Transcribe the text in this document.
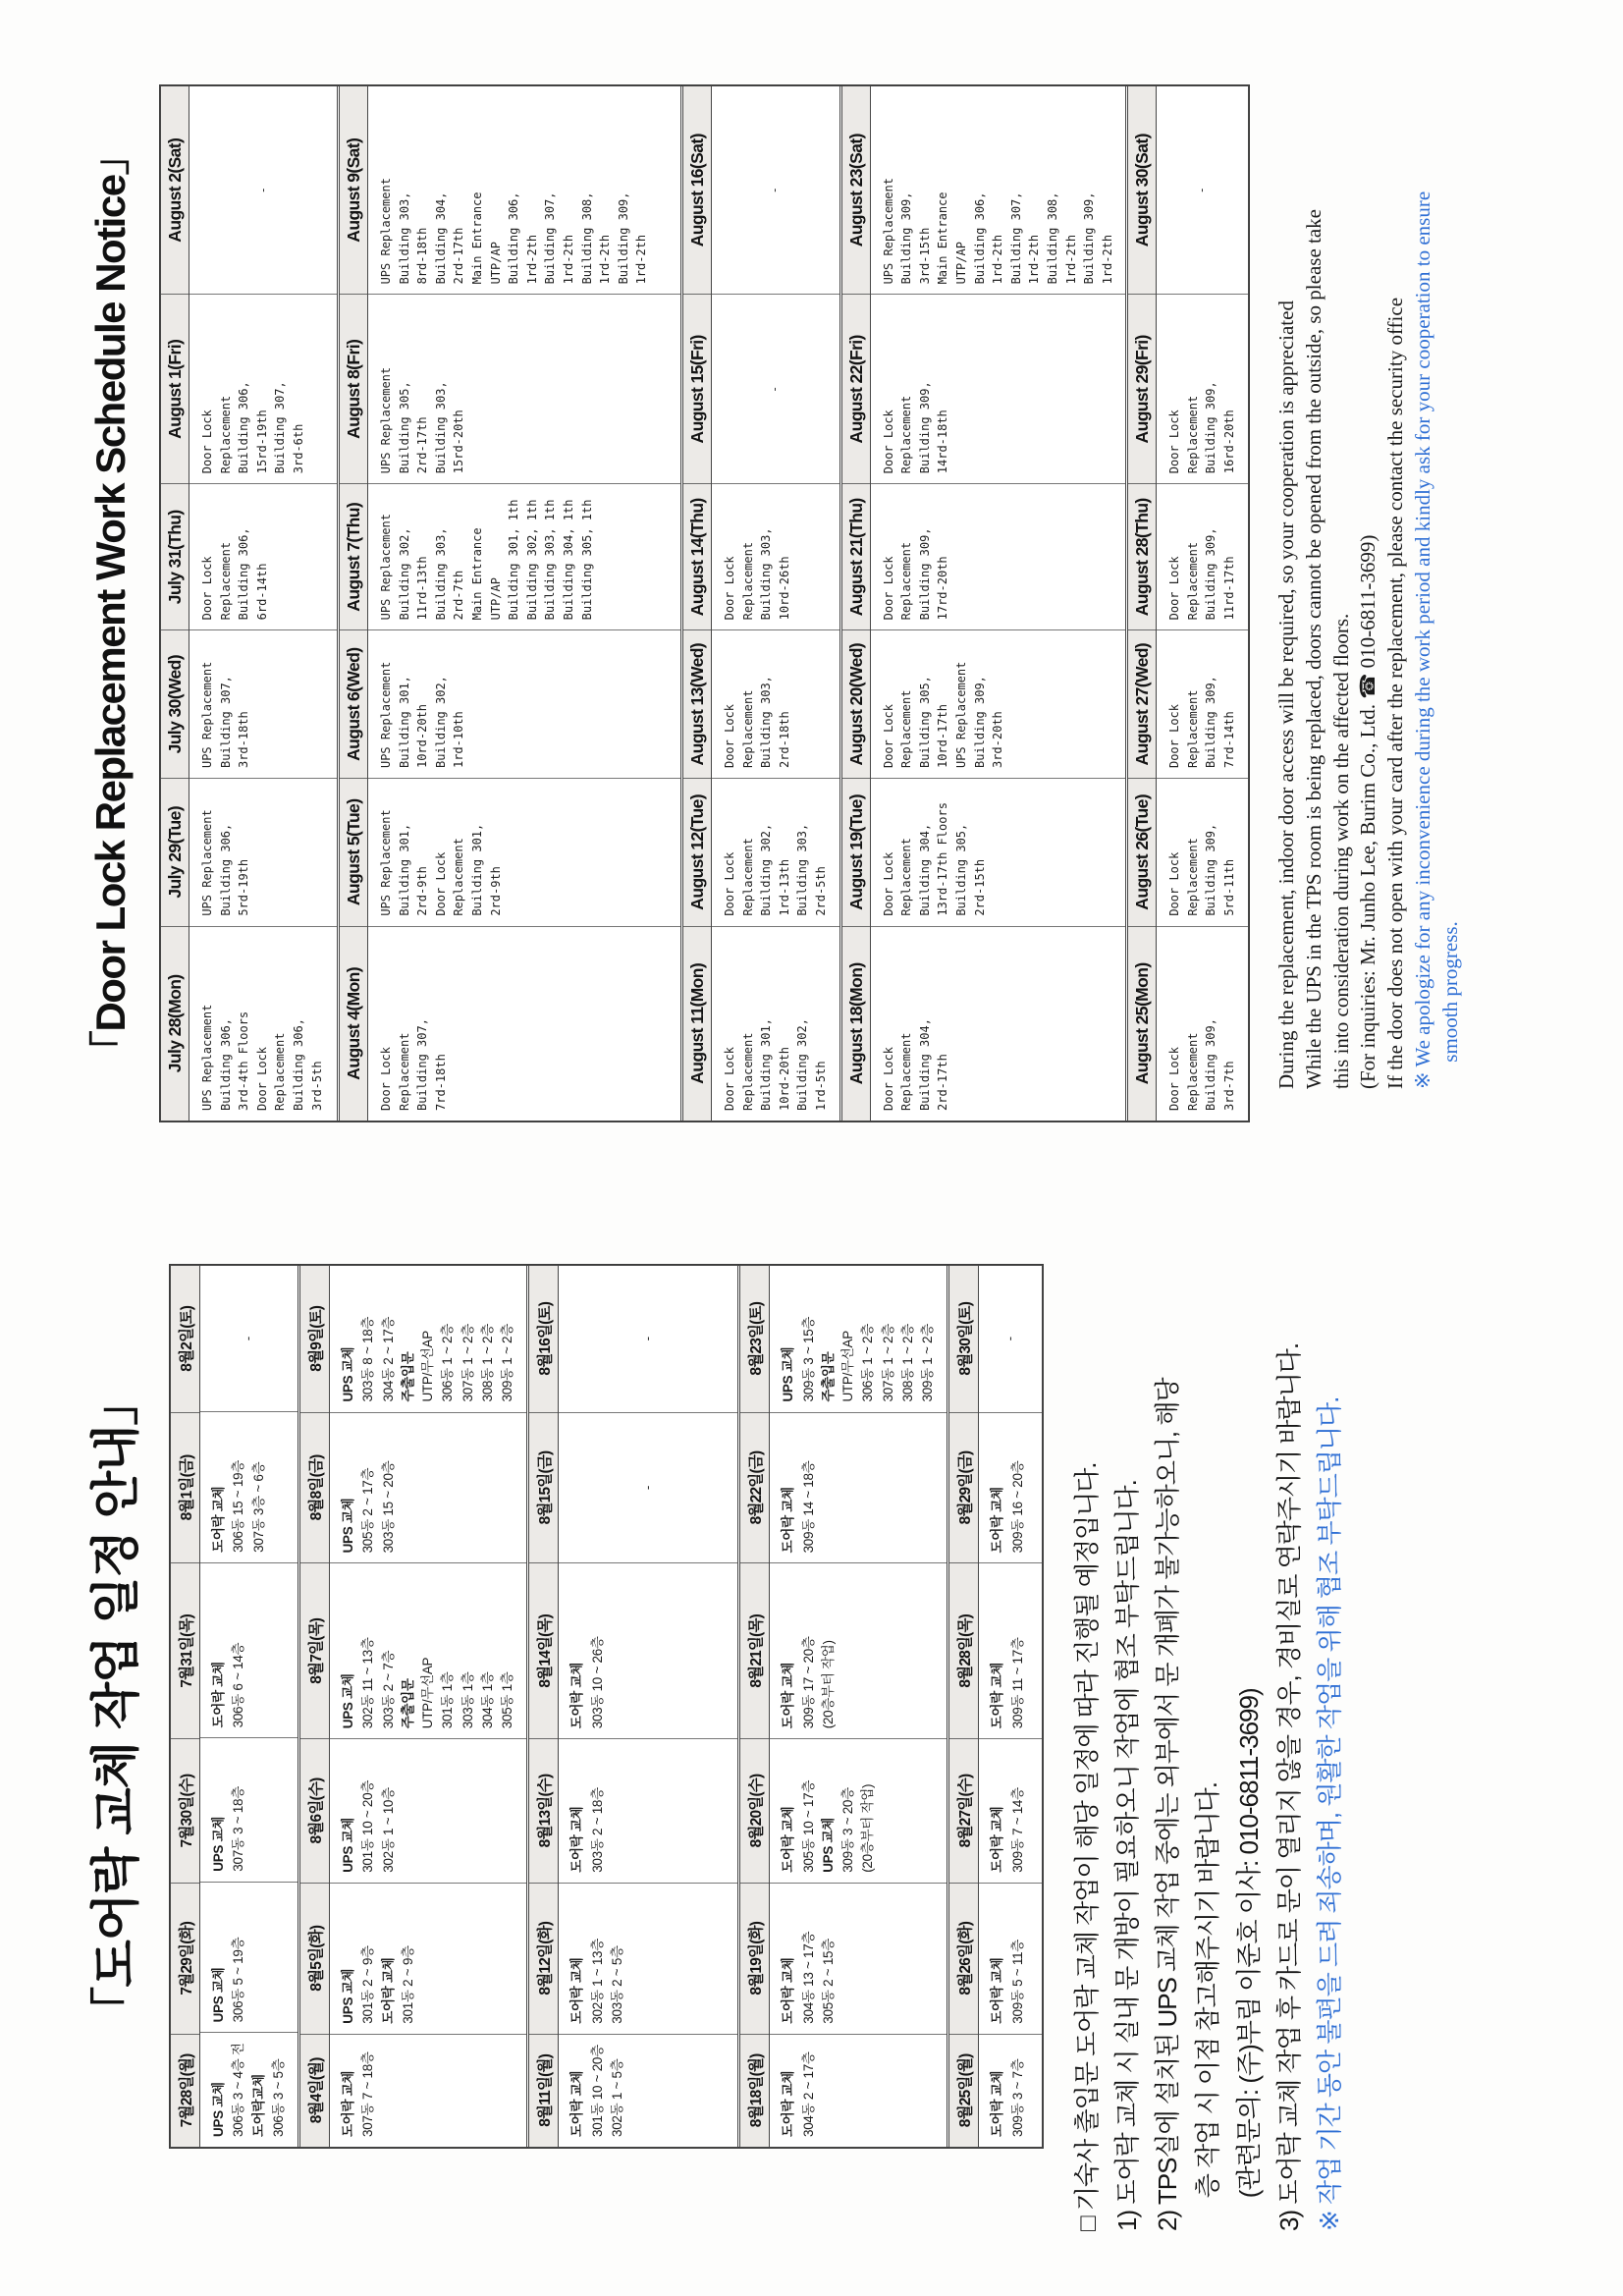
「도어락 교체 작업 일정 안내」
7월28일(월)
7월29일(화)
7월30일(수)
7월31일(목)
8월1일(금)
8월2일(토)
UPS 교체 306동 3 ~ 4층 전 도어락교체 306동 3 ~ 5층
UPS 교체 306동 5 ~ 19층
UPS 교체 307동 3 ~ 18층
도어락 교체 306동 6 ~ 14층
도어락 교체 306동 15 ~ 19층 307동 3층 ~ 6층
-
8월4일(월)
8월5일(화)
8월6일(수)
8월7일(목)
8월8일(금)
8월9일(토)
도어락 교체 307동 7 ~ 18층
UPS 교체 301동 2 ~ 9층 도어락 교체 301동 2 ~ 9층
UPS 교체 301동 10 ~ 20층 302동 1 ~ 10층
UPS 교체 302동 11 ~ 13층 303동 2 ~ 7층 주출입문 UTP/무선AP 301동 1층 303동 1층 304동 1층 305동 1층
UPS 교체 305동 2 ~ 17층 303동 15 ~ 20층
UPS 교체 303동 8 ~ 18층 304동 2 ~ 17층 주출입문 UTP/무선AP 306동 1 ~ 2층 307동 1 ~ 2층 308동 1 ~ 2층 309동 1 ~ 2층
8월11일(월)
8월12일(화)
8월13일(수)
8월14일(목)
8월15일(금)
8월16일(토)
도어락 교체 301동 10 ~ 20층 302동 1 ~ 5층
도어락 교체 302동 1 ~ 13층 303동 2 ~ 5층
도어락 교체 303동 2 ~ 18층
도어락 교체 303동 10 ~ 26층
-
-
8월18일(월)
8월19일(화)
8월20일(수)
8월21일(목)
8월22일(금)
8월23일(토)
도어락 교체 304동 2 ~ 17층
도어락 교체 304동 13 ~ 17층 305동 2 ~ 15층
도어락 교체 305동 10 ~ 17층 UPS 교체 309동 3 ~ 20층 (20층부터 작업)
도어락 교체 309동 17 ~ 20층 (20층부터 작업)
도어락 교체 309동 14 ~ 18층
UPS 교체 309동 3 ~ 15층 주출입문 UTP/무선AP 306동 1 ~ 2층 307동 1 ~ 2층 308동 1 ~ 2층 309동 1 ~ 2층
8월25일(월)
8월26일(화)
8월27일(수)
8월28일(목)
8월29일(금)
8월30일(토)
도어락 교체 309동 3 ~ 7층
도어락 교체 309동 5 ~ 11층
도어락 교체 309동 7 ~ 14층
도어락 교체 309동 11 ~ 17층
도어락 교체 309동 16 ~ 20층
-
□ 기숙사 출입문 도어락 교체 작업이 해당 일정에 따라 진행될 예정입니다. 1) 도어락 교체 시 실내 문 개방이 필요하오니 작업에 협조 부탁드립니다. 2) TPS실에 설치된 UPS 교체 작업 중에는 외부에서 문 개폐가 불가능하오니, 해당 층 작업 시 이점 참고해주시기 바랍니다. (관련문의: (주)부림 이준호 이사: 010-6811-3699) 3) 도어락 교체 작업 후 카드로 문이 열리지 않을 경우, 경비실로 연락주시기 바랍니다. ※ 작업 기간 동안 불편을 드려 죄송하며, 원활한 작업을 위해 협조 부탁드립니다.
「Door Lock Replacement Work Schedule Notice」 July 28(Mon)
July 29(Tue)
July 30(Wed)
July 31(Thu)
August 1(Fri)
August 2(Sat)
UPS Replacement Building 306, 3rd-4th Floors Door Lock Replacement Building 306, 3rd-5th
UPS Replacement Building 306, 5rd-19th
UPS Replacement Building 307, 3rd-18th
Door Lock Replacement Building 306, 6rd-14th
Door Lock Replacement Building 306, 15rd-19th Building 307, 3rd-6th
-
August 4(Mon)
August 5(Tue)
August 6(Wed)
August 7(Thu)
August 8(Fri)
August 9(Sat)
Door Lock Replacement Building 307, 7rd-18th
UPS Replacement Building 301, 2rd-9th Door Lock Replacement Building 301, 2rd-9th
UPS Replacement Building 301, 10rd-20th Building 302, 1rd-10th
UPS Replacement Building 302, 11rd-13th Building 303, 2rd-7th Main Entrance UTP/AP Building 301, 1th Building 302, 1th Building 303, 1th Building 304, 1th Building 305, 1th
UPS Replacement Building 305, 2rd-17th Building 303, 15rd-20th
UPS Replacement Building 303, 8rd-18th Building 304, 2rd-17th Main Entrance UTP/AP Building 306, 1rd-2th Building 307, 1rd-2th Building 308, 1rd-2th Building 309, 1rd-2th
August 11(Mon)
August 12(Tue)
August 13(Wed)
August 14(Thu)
August 15(Fri)
August 16(Sat)
Door Lock Replacement Building 301, 10rd-20th Building 302, 1rd-5th
Door Lock Replacement Building 302, 1rd-13th Building 303, 2rd-5th
Door Lock Replacement Building 303, 2rd-18th
Door Lock Replacement Building 303, 10rd-26th
-
-
August 18(Mon)
August 19(Tue)
August 20(Wed)
August 21(Thu)
August 22(Fri)
August 23(Sat)
Door Lock Replacement Building 304, 2rd-17th
Door Lock Replacement Building 304, 13rd-17th Floors Building 305, 2rd-15th
Door Lock Replacement Building 305, 10rd-17th UPS Replacement Building 309, 3rd-20th
Door Lock Replacement Building 309, 17rd-20th
Door Lock Replacement Building 309, 14rd-18th
UPS Replacement Building 309, 3rd-15th Main Entrance UTP/AP Building 306, 1rd-2th Building 307, 1rd-2th Building 308, 1rd-2th Building 309, 1rd-2th
August 25(Mon)
August 26(Tue)
August 27(Wed)
August 28(Thu)
August 29(Fri)
August 30(Sat)
Door Lock Replacement Building 309, 3rd-7th
Door Lock Replacement Building 309, 5rd-11th
Door Lock Replacement Building 309, 7rd-14th
Door Lock Replacement Building 309, 11rd-17th
Door Lock Replacement Building 309, 16rd-20th
-
During the replacement, indoor door access will be required, so your cooperation is appreciated While the UPS in the TPS room is being replaced, doors cannot be opened from the outside, so please take this into consideration during work on the affected floors. (For inquiries: Mr. Junho Lee, Burim Co., Ltd. ☎ 010-6811-3699) If the door does not open with your card after the replacement, please contact the security office ※ We apologize for any inconvenience during the work period and kindly ask for your cooperation to ensure smooth progress.
